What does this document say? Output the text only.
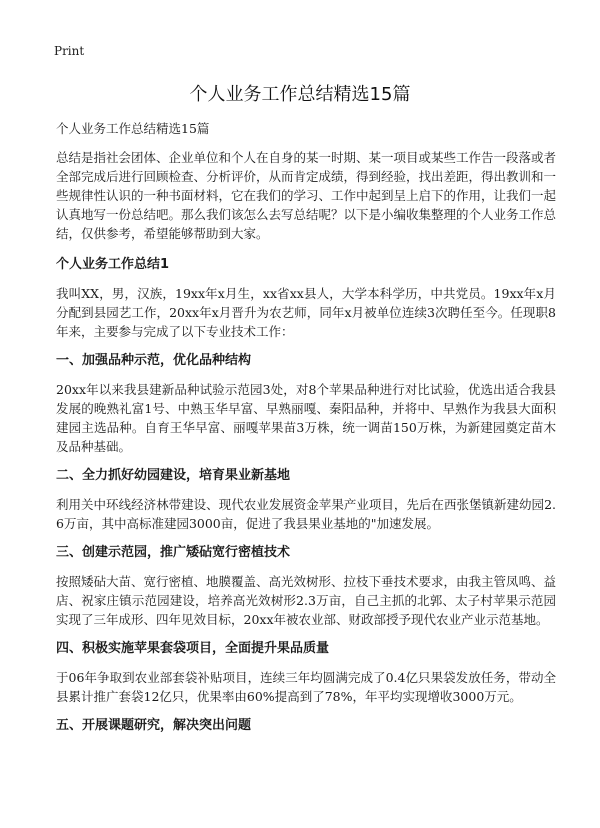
Print
个人业务工作总结精选15篇
个人业务工作总结精选15篇

总结是指社会团体、企业单位和个人在自身的某一时期、某一项目或某些工作告一段落或者全部完成后进行回顾检查、分析评价，从而肯定成绩，得到经验，找出差距，得出教训和一些规律性认识的一种书面材料，它在我们的学习、工作中起到呈上启下的作用，让我们一起认真地写一份总结吧。那么我们该怎么去写总结呢？以下是小编收集整理的个人业务工作总结，仅供参考，希望能够帮助到大家。

个人业务工作总结1

我叫XX，男，汉族，19xx年x月生，xx省xx县人，大学本科学历，中共党员。19xx年x月分配到县园艺工作，20xx年x月晋升为农艺师，同年x月被单位连续3次聘任至今。任现职8年来，主要参与完成了以下专业技术工作：

一、加强品种示范，优化品种结构

20xx年以来我县建新品种试验示范园3处，对8个苹果品种进行对比试验，优选出适合我县发展的晚熟礼富1号、中熟玉华早富、早熟丽嘎、秦阳品种，并将中、早熟作为我县大面积建园主选品种。自育王华早富、丽嘎苹果苗3万株，统一调苗150万株，为新建园奠定苗木及品种基础。

二、全力抓好幼园建设，培育果业新基地

利用关中环线经济林带建设、现代农业发展资金苹果产业项目，先后在西张堡镇新建幼园2.6万亩，其中高标准建园3000亩，促进了我县果业基地的"加速发展。

三、创建示范园，推广矮砧宽行密植技术

按照矮砧大苗、宽行密植、地膜覆盖、高光效树形、拉枝下垂技术要求，由我主管凤鸣、益店、祝家庄镇示范园建设，培养高光效树形2.3万亩，自己主抓的北郭、太子村苹果示范园实现了三年成形、四年见效目标，20xx年被农业部、财政部授予现代农业产业示范基地。

四、积极实施苹果套袋项目，全面提升果品质量

于06年争取到农业部套袋补贴项目，连续三年均圆满完成了0.4亿只果袋发放任务，带动全县累计推广套袋12亿只，优果率由60%提高到了78%，年平均实现增收3000万元。

五、开展课题研究，解决突出问题
